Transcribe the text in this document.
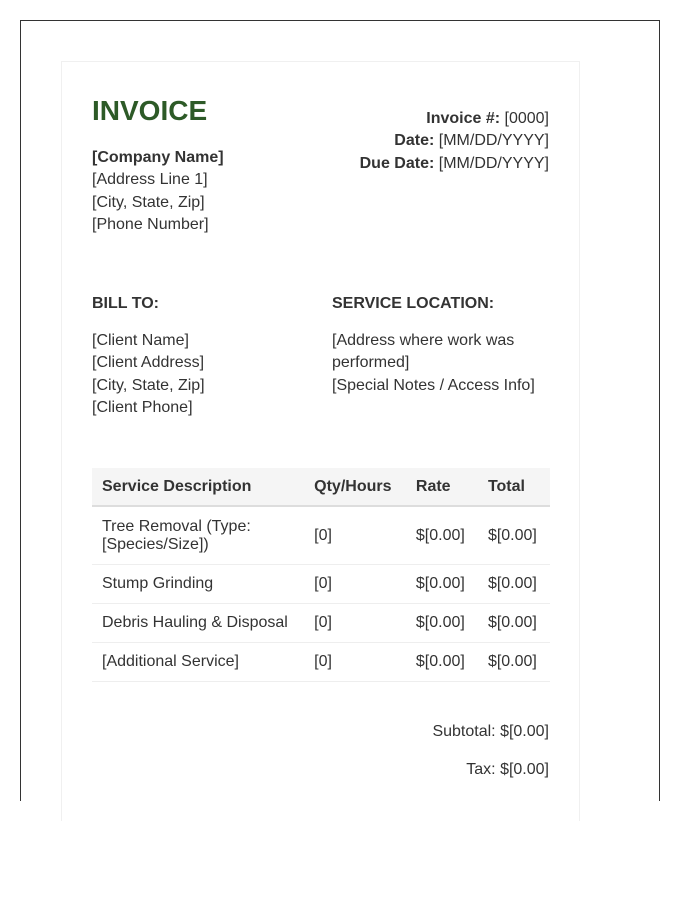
INVOICE
[Company Name]
[Address Line 1]
[City, State, Zip]
[Phone Number]
Invoice #: [0000]
Date: [MM/DD/YYYY]
Due Date: [MM/DD/YYYY]
BILL TO:	SERVICE LOCATION:
[Client Name]
[Client Address]
[City, State, Zip]
[Client Phone]
[Address where work was performed]
[Special Notes / Access Info]
Service Description	Qty/Hours	Rate	Total
Tree Removal (Type: [Species/Size])	[0]	$[0.00]	$[0.00]
Stump Grinding	[0]	$[0.00]	$[0.00]
Debris Hauling & Disposal	[0]	$[0.00]	$[0.00]
[Additional Service]	[0]	$[0.00]	$[0.00]
Subtotal: $[0.00]
Tax: $[0.00]
